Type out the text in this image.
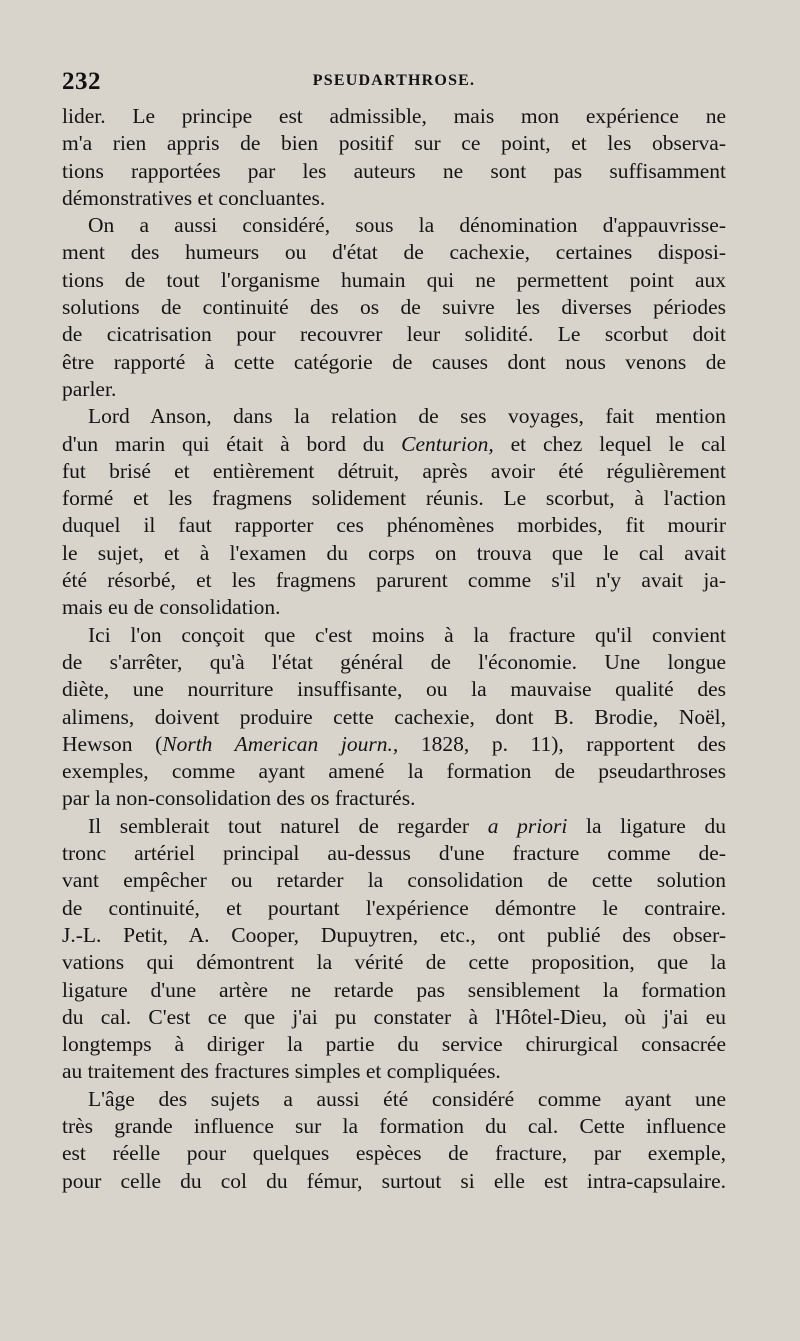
232	PSEUDARTHROSE.
lider. Le principe est admissible, mais mon expérience ne
m'a rien appris de bien positif sur ce point, et les observa-
tions rapportées par les auteurs ne sont pas suffisamment
démonstratives et concluantes.
On a aussi considéré, sous la dénomination d'appauvrisse-
ment des humeurs ou d'état de cachexie, certaines disposi-
tions de tout l'organisme humain qui ne permettent point aux
solutions de continuité des os de suivre les diverses périodes
de cicatrisation pour recouvrer leur solidité. Le scorbut doit
être rapporté à cette catégorie de causes dont nous venons de
parler.
Lord Anson, dans la relation de ses voyages, fait mention
d'un marin qui était à bord du Centurion, et chez lequel le cal
fut brisé et entièrement détruit, après avoir été régulièrement
formé et les fragmens solidement réunis. Le scorbut, à l'action
duquel il faut rapporter ces phénomènes morbides, fit mourir
le sujet, et à l'examen du corps on trouva que le cal avait
été résorbé, et les fragmens parurent comme s'il n'y avait ja-
mais eu de consolidation.
Ici l'on conçoit que c'est moins à la fracture qu'il convient
de s'arrêter, qu'à l'état général de l'économie. Une longue
diète, une nourriture insuffisante, ou la mauvaise qualité des
alimens, doivent produire cette cachexie, dont B. Brodie, Noël,
Hewson (North American journ., 1828, p. 11), rapportent des
exemples, comme ayant amené la formation de pseudarthroses
par la non-consolidation des os fracturés.
Il semblerait tout naturel de regarder a priori la ligature du
tronc artériel principal au-dessus d'une fracture comme de-
vant empêcher ou retarder la consolidation de cette solution
de continuité, et pourtant l'expérience démontre le contraire.
J.-L. Petit, A. Cooper, Dupuytren, etc., ont publié des obser-
vations qui démontrent la vérité de cette proposition, que la
ligature d'une artère ne retarde pas sensiblement la formation
du cal. C'est ce que j'ai pu constater à l'Hôtel-Dieu, où j'ai eu
longtemps à diriger la partie du service chirurgical consacrée
au traitement des fractures simples et compliquées.
L'âge des sujets a aussi été considéré comme ayant une
très grande influence sur la formation du cal. Cette influence
est réelle pour quelques espèces de fracture, par exemple,
pour celle du col du fémur, surtout si elle est intra-capsulaire.
